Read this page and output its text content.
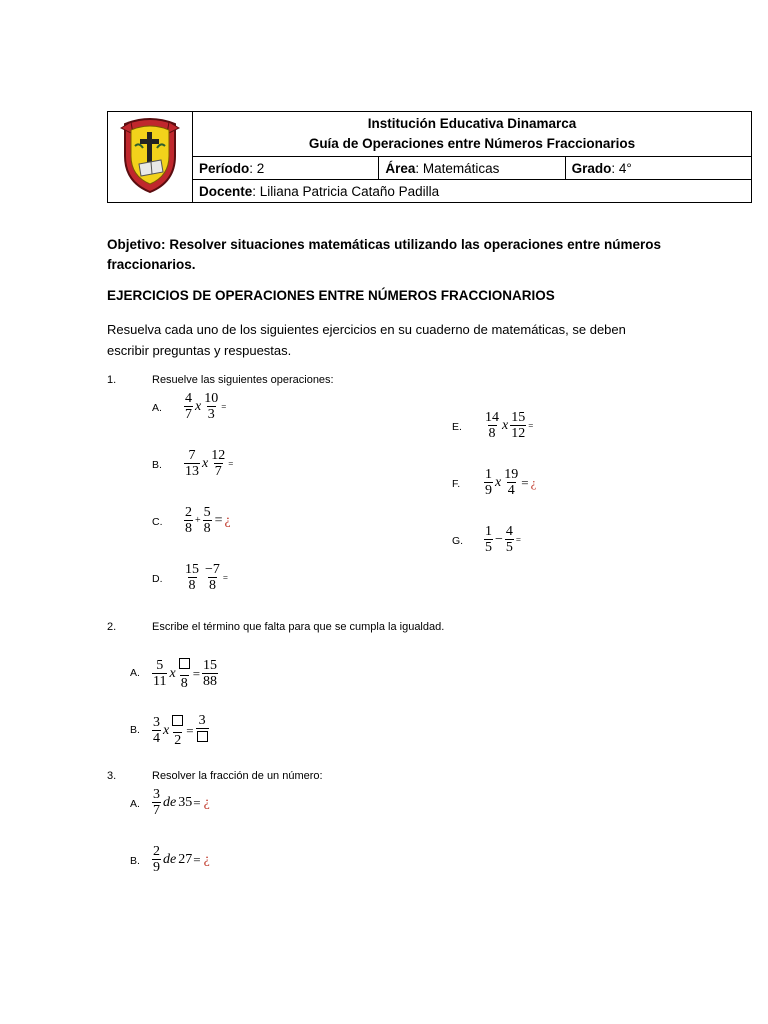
Institución Educativa Dinamarca
Guía de Operaciones entre Números Fraccionarios		

	Período: 2	Área: Matemáticas	Grado: 4°
	Docente: Liliana Patricia Cataño Padilla		
Objetivo: Resolver situaciones matemáticas utilizando las operaciones entre números fraccionarios.
EJERCICIOS DE OPERACIONES ENTRE NÚMEROS FRACCIONARIOS
Resuelva cada uno de los siguientes ejercicios en su cuaderno de matemáticas, se deben escribir preguntas y respuestas.
1.	Resuelve las siguientes operaciones:
A. $\frac{4}{7}$ x $\frac{10}{3}$ =
B. $\frac{7}{13}$ x $\frac{12}{7}$ =
C. $\frac{2}{8} + \frac{5}{8}$ = ¿
D. $\frac{15}{8} \frac{-7}{8}$ =
E. $\frac{14}{8}$ x $\frac{15}{12}$ =
F. $\frac{1}{9}$ x $\frac{19}{4}$ = ¿
G. $\frac{1}{5} - \frac{4}{5}$ =
2.	Escribe el término que falta para que se cumpla la igualdad.
A. $\frac{5}{11}$ x
8
= $\frac{15}{88}$
B. $\frac{3}{4}$ x
2
=
3
3.	Resolver la fracción de un número:
A. $\frac{3}{7}$ de 35 = ¿
B. $\frac{2}{9}$ de 27 = ¿
